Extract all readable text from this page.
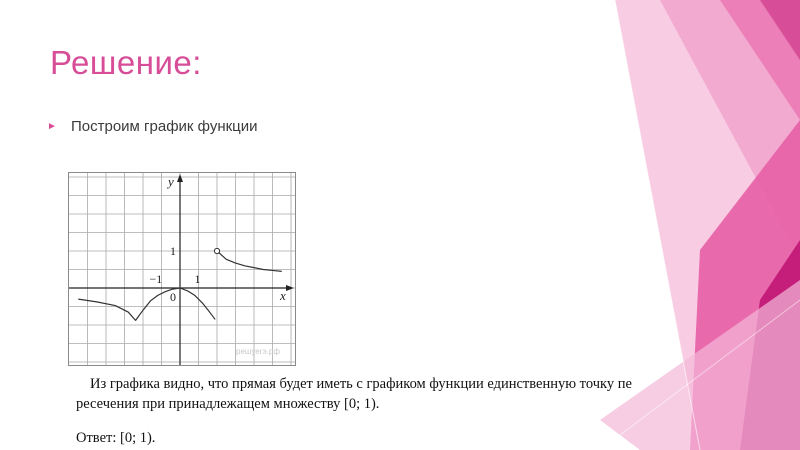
Решение:
► Построим график функции
x
y
−1	1
1
0
решуегэ.рф

Из графика видно, что прямая будет иметь с графиком функции единственную точку пе

ресечения при принадлежащем множеству [0; 1).

Ответ: [0; 1).
